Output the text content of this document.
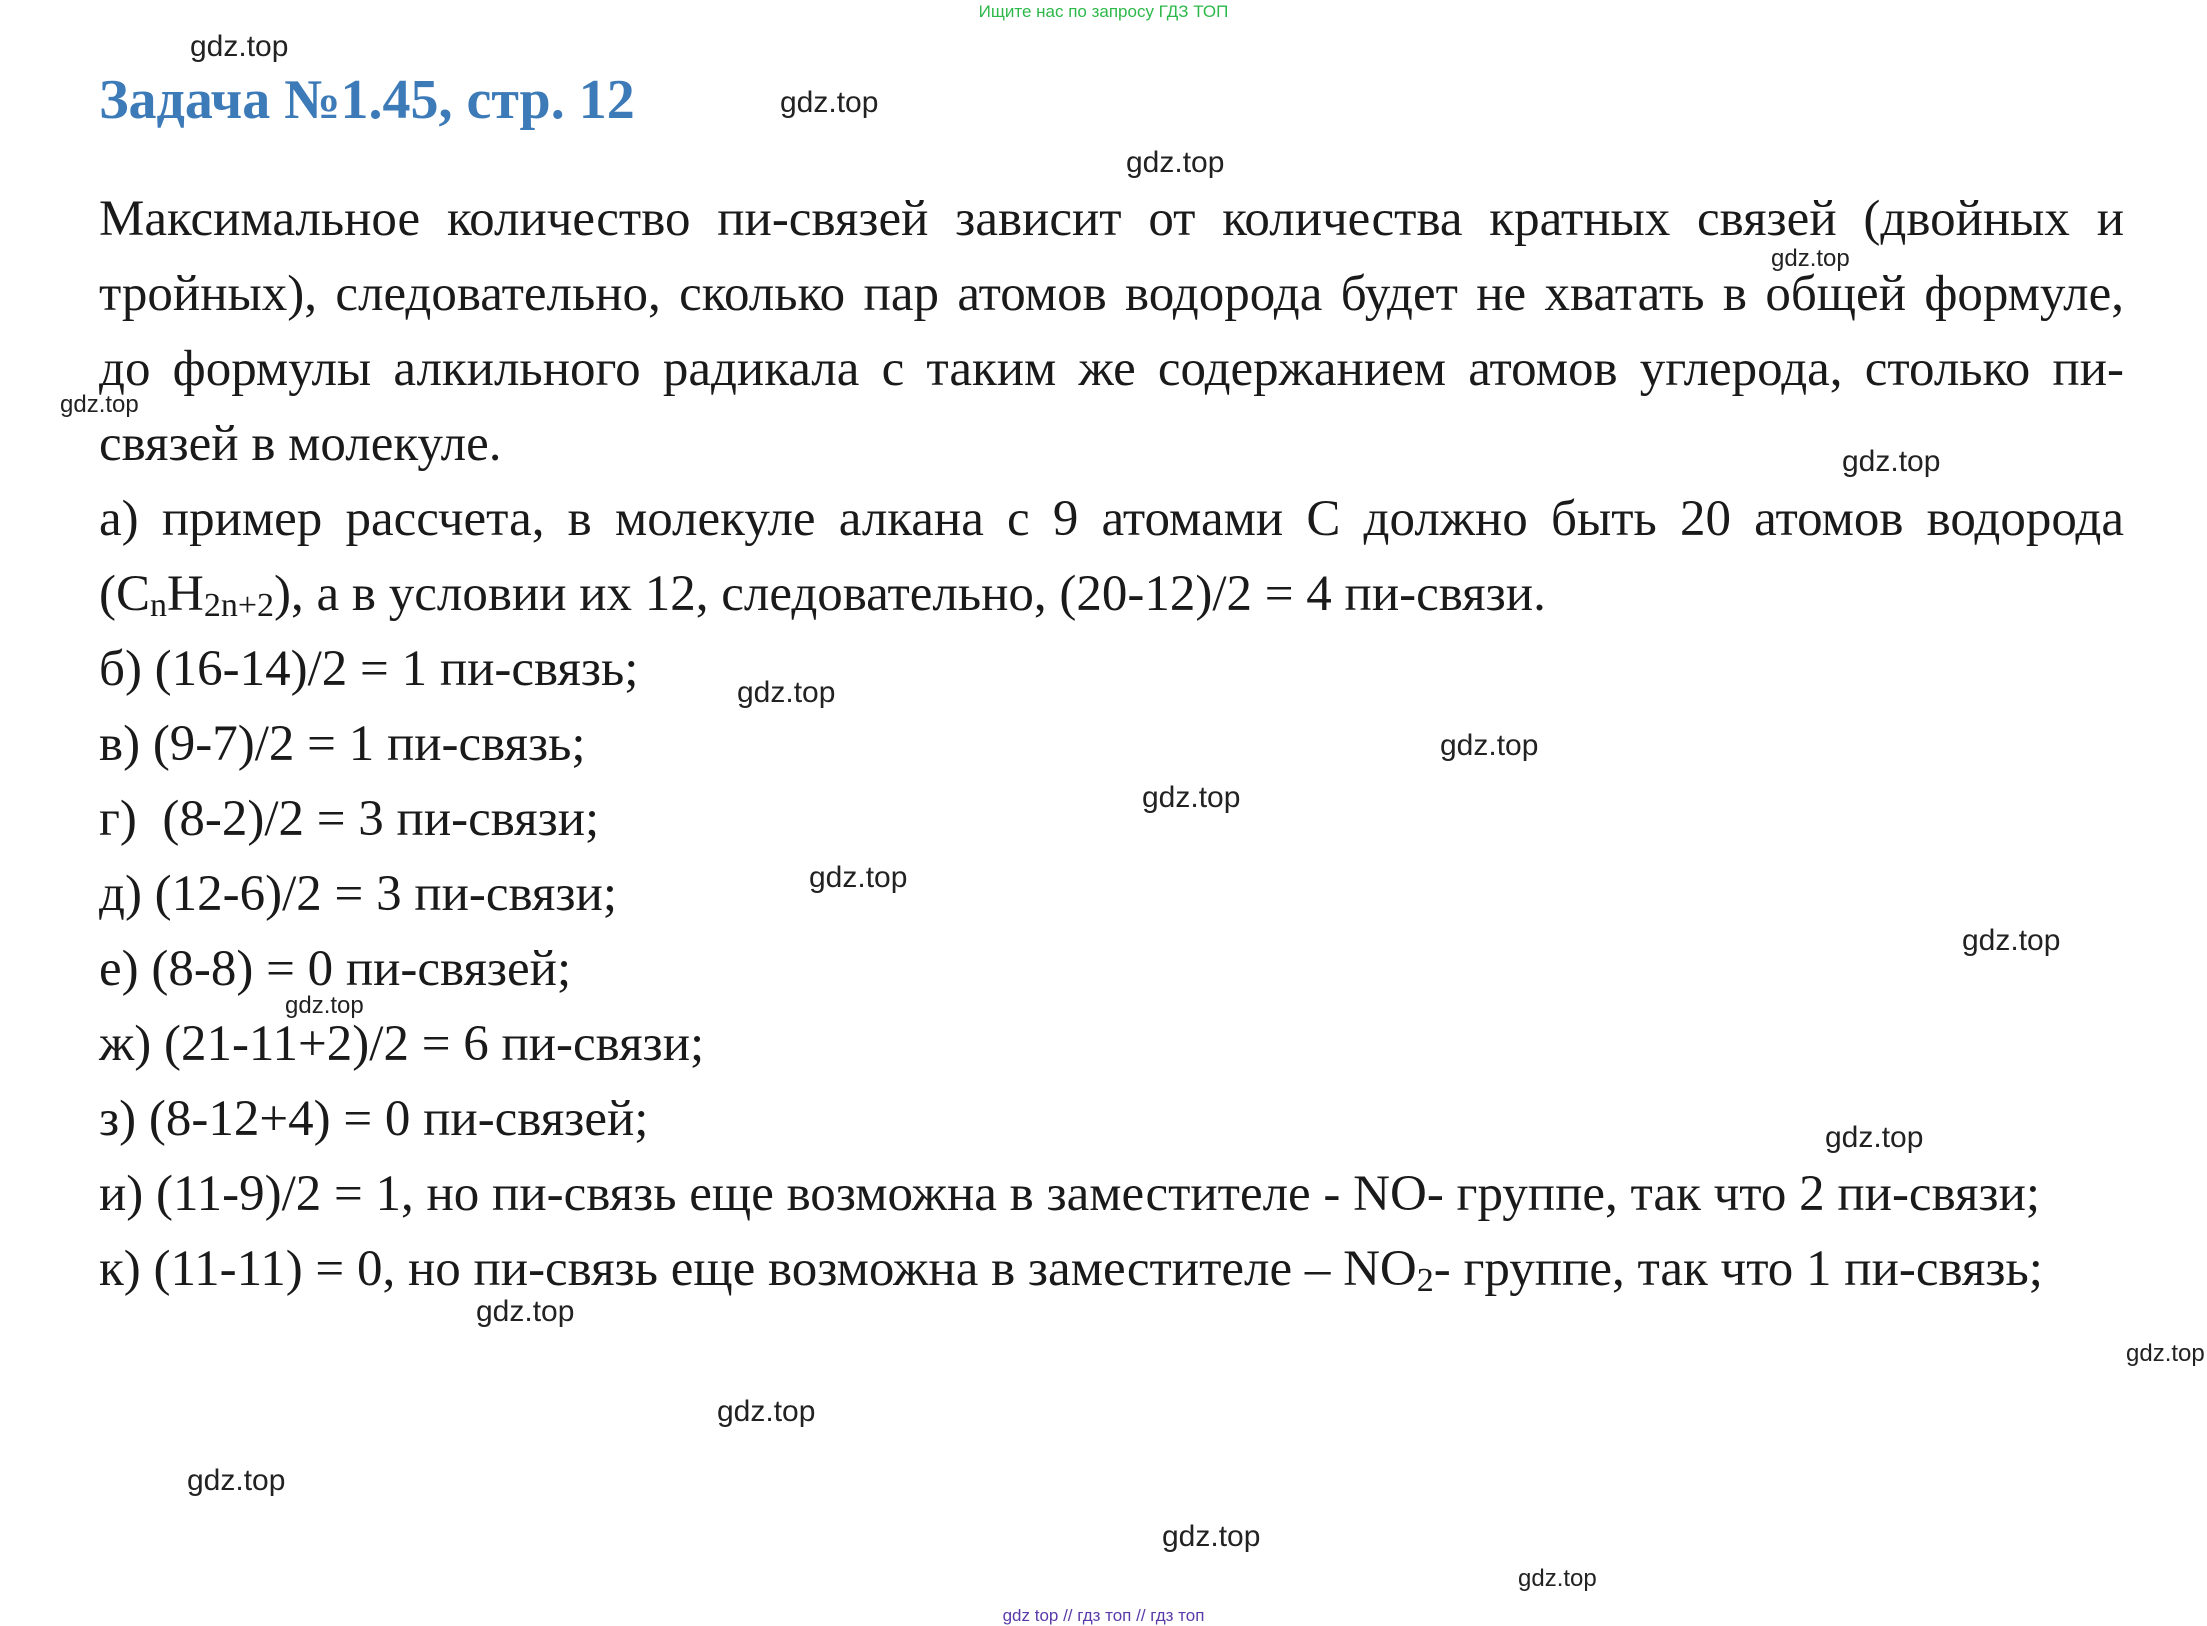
Ищите нас по запросу ГДЗ ТОП
Задача №1.45, стр. 12

Максимальное количество пи-связей зависит от количества кратных связей (двойных и тройных), следовательно, сколько пар атомов водорода будет не хватать в общей формуле, до формулы алкильного радикала с таким же содержанием атомов углерода, столько пи-связей в молекуле.

а) пример рассчета, в молекуле алкана с 9 атомами С должно быть 20 атомов водорода $(C_nH_{2n+2})$, а в условии их 12, следовательно, (20-12)/2 = 4 пи-связи.

б) (16-14)/2 = 1 пи-связь;

в) (9-7)/2 = 1 пи-связь;

г)  (8-2)/2 = 3 пи-связи;

д) (12-6)/2 = 3 пи-связи;

е) (8-8) = 0 пи-связей;

ж) (21-11+2)/2 = 6 пи-связи;

з) (8-12+4) = 0 пи-связей;

и) (11-9)/2 = 1, но пи-связь еще возможна в заместителе - NO- группе, так что 2 пи-связи;

к) (11-11) = 0, но пи-связь еще возможна в заместителе – $NO_2-$ группе, так что 1 пи-связь;

gdz.top
gdz.top
gdz.top
gdz.top
gdz.top
gdz.top
gdz.top
gdz.top
gdz.top
gdz.top
gdz.top
gdz.top
gdz.top
gdz.top
gdz.top
gdz.top
gdz.top
gdz.top
gdz.top
gdz top // гдз топ // гдз топ
